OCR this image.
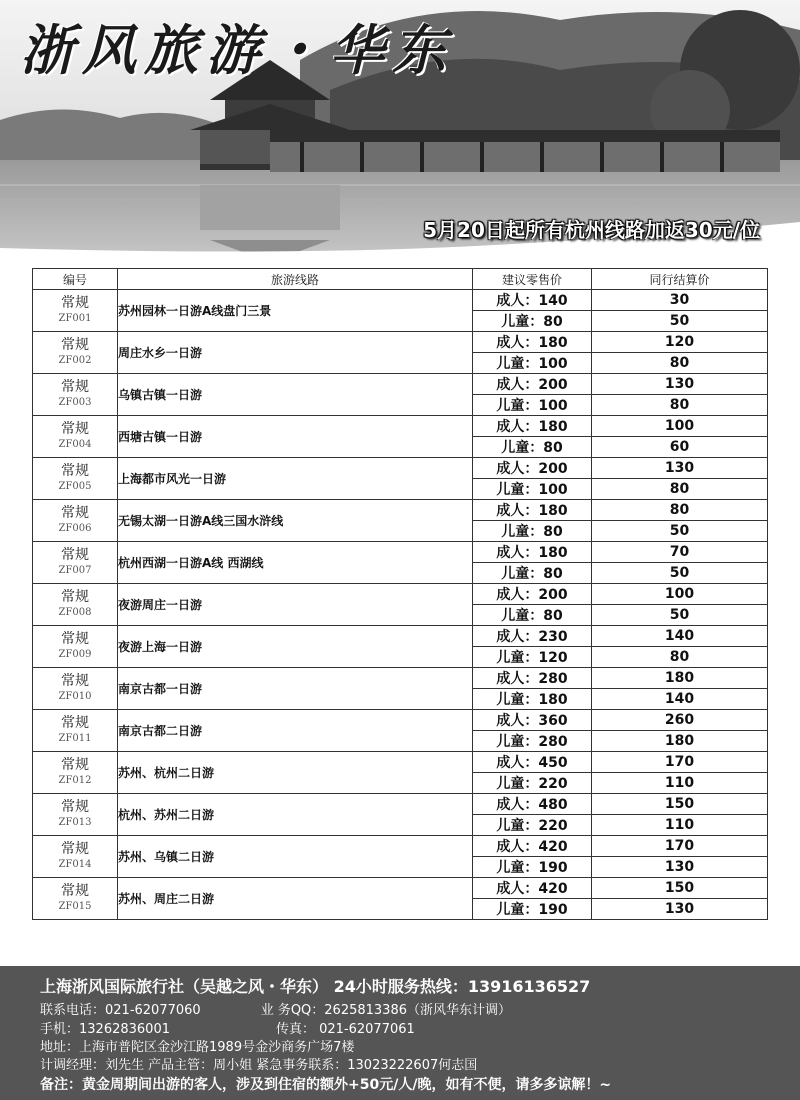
浙风旅游・华东
5月20日起所有杭州线路加返30元/位
编号	旅游线路	建议零售价	同行结算价

常规
ZF001	苏州园林一日游A线盘门三景	成人：140	30
		儿童：80	50

常规
ZF002	周庄水乡一日游	成人：180	120
		儿童：100	80

常规
ZF003	乌镇古镇一日游	成人：200	130
		儿童：100	80

常规
ZF004	西塘古镇一日游	成人：180	100
		儿童：80	60

常规
ZF005	上海都市风光一日游	成人：200	130
		儿童：100	80

常规
ZF006	无锡太湖一日游A线三国水浒线	成人：180	80
		儿童：80	50

常规
ZF007	杭州西湖一日游A线 西湖线	成人：180	70
		儿童：80	50

常规
ZF008	夜游周庄一日游	成人：200	100
		儿童：80	50

常规
ZF009	夜游上海一日游	成人：230	140
		儿童：120	80

常规
ZF010	南京古都一日游	成人：280	180
		儿童：180	140

常规
ZF011	南京古都二日游	成人：360	260
		儿童：280	180

常规
ZF012	苏州、杭州二日游	成人：450	170
		儿童：220	110

常规
ZF013	杭州、苏州二日游	成人：480	150
		儿童：220	110

常规
ZF014	苏州、乌镇二日游	成人：420	170
		儿童：190	130

常规
ZF015	苏州、周庄二日游	成人：420	150
		儿童：190	130
上海浙风国际旅行社（吴越之风・华东） 24小时服务热线：13916136527
联系电话：021-62077060	业 务QQ：2625813386（浙风华东计调）
手机：13262836001	传真： 021-62077061
地址：上海市普陀区金沙江路1989号金沙商务广场7楼
计调经理：刘先生 产品主管：周小姐 紧急事务联系：13023222607何志国
备注：黄金周期间出游的客人，涉及到住宿的额外+50元/人/晚，如有不便，请多多谅解！~
